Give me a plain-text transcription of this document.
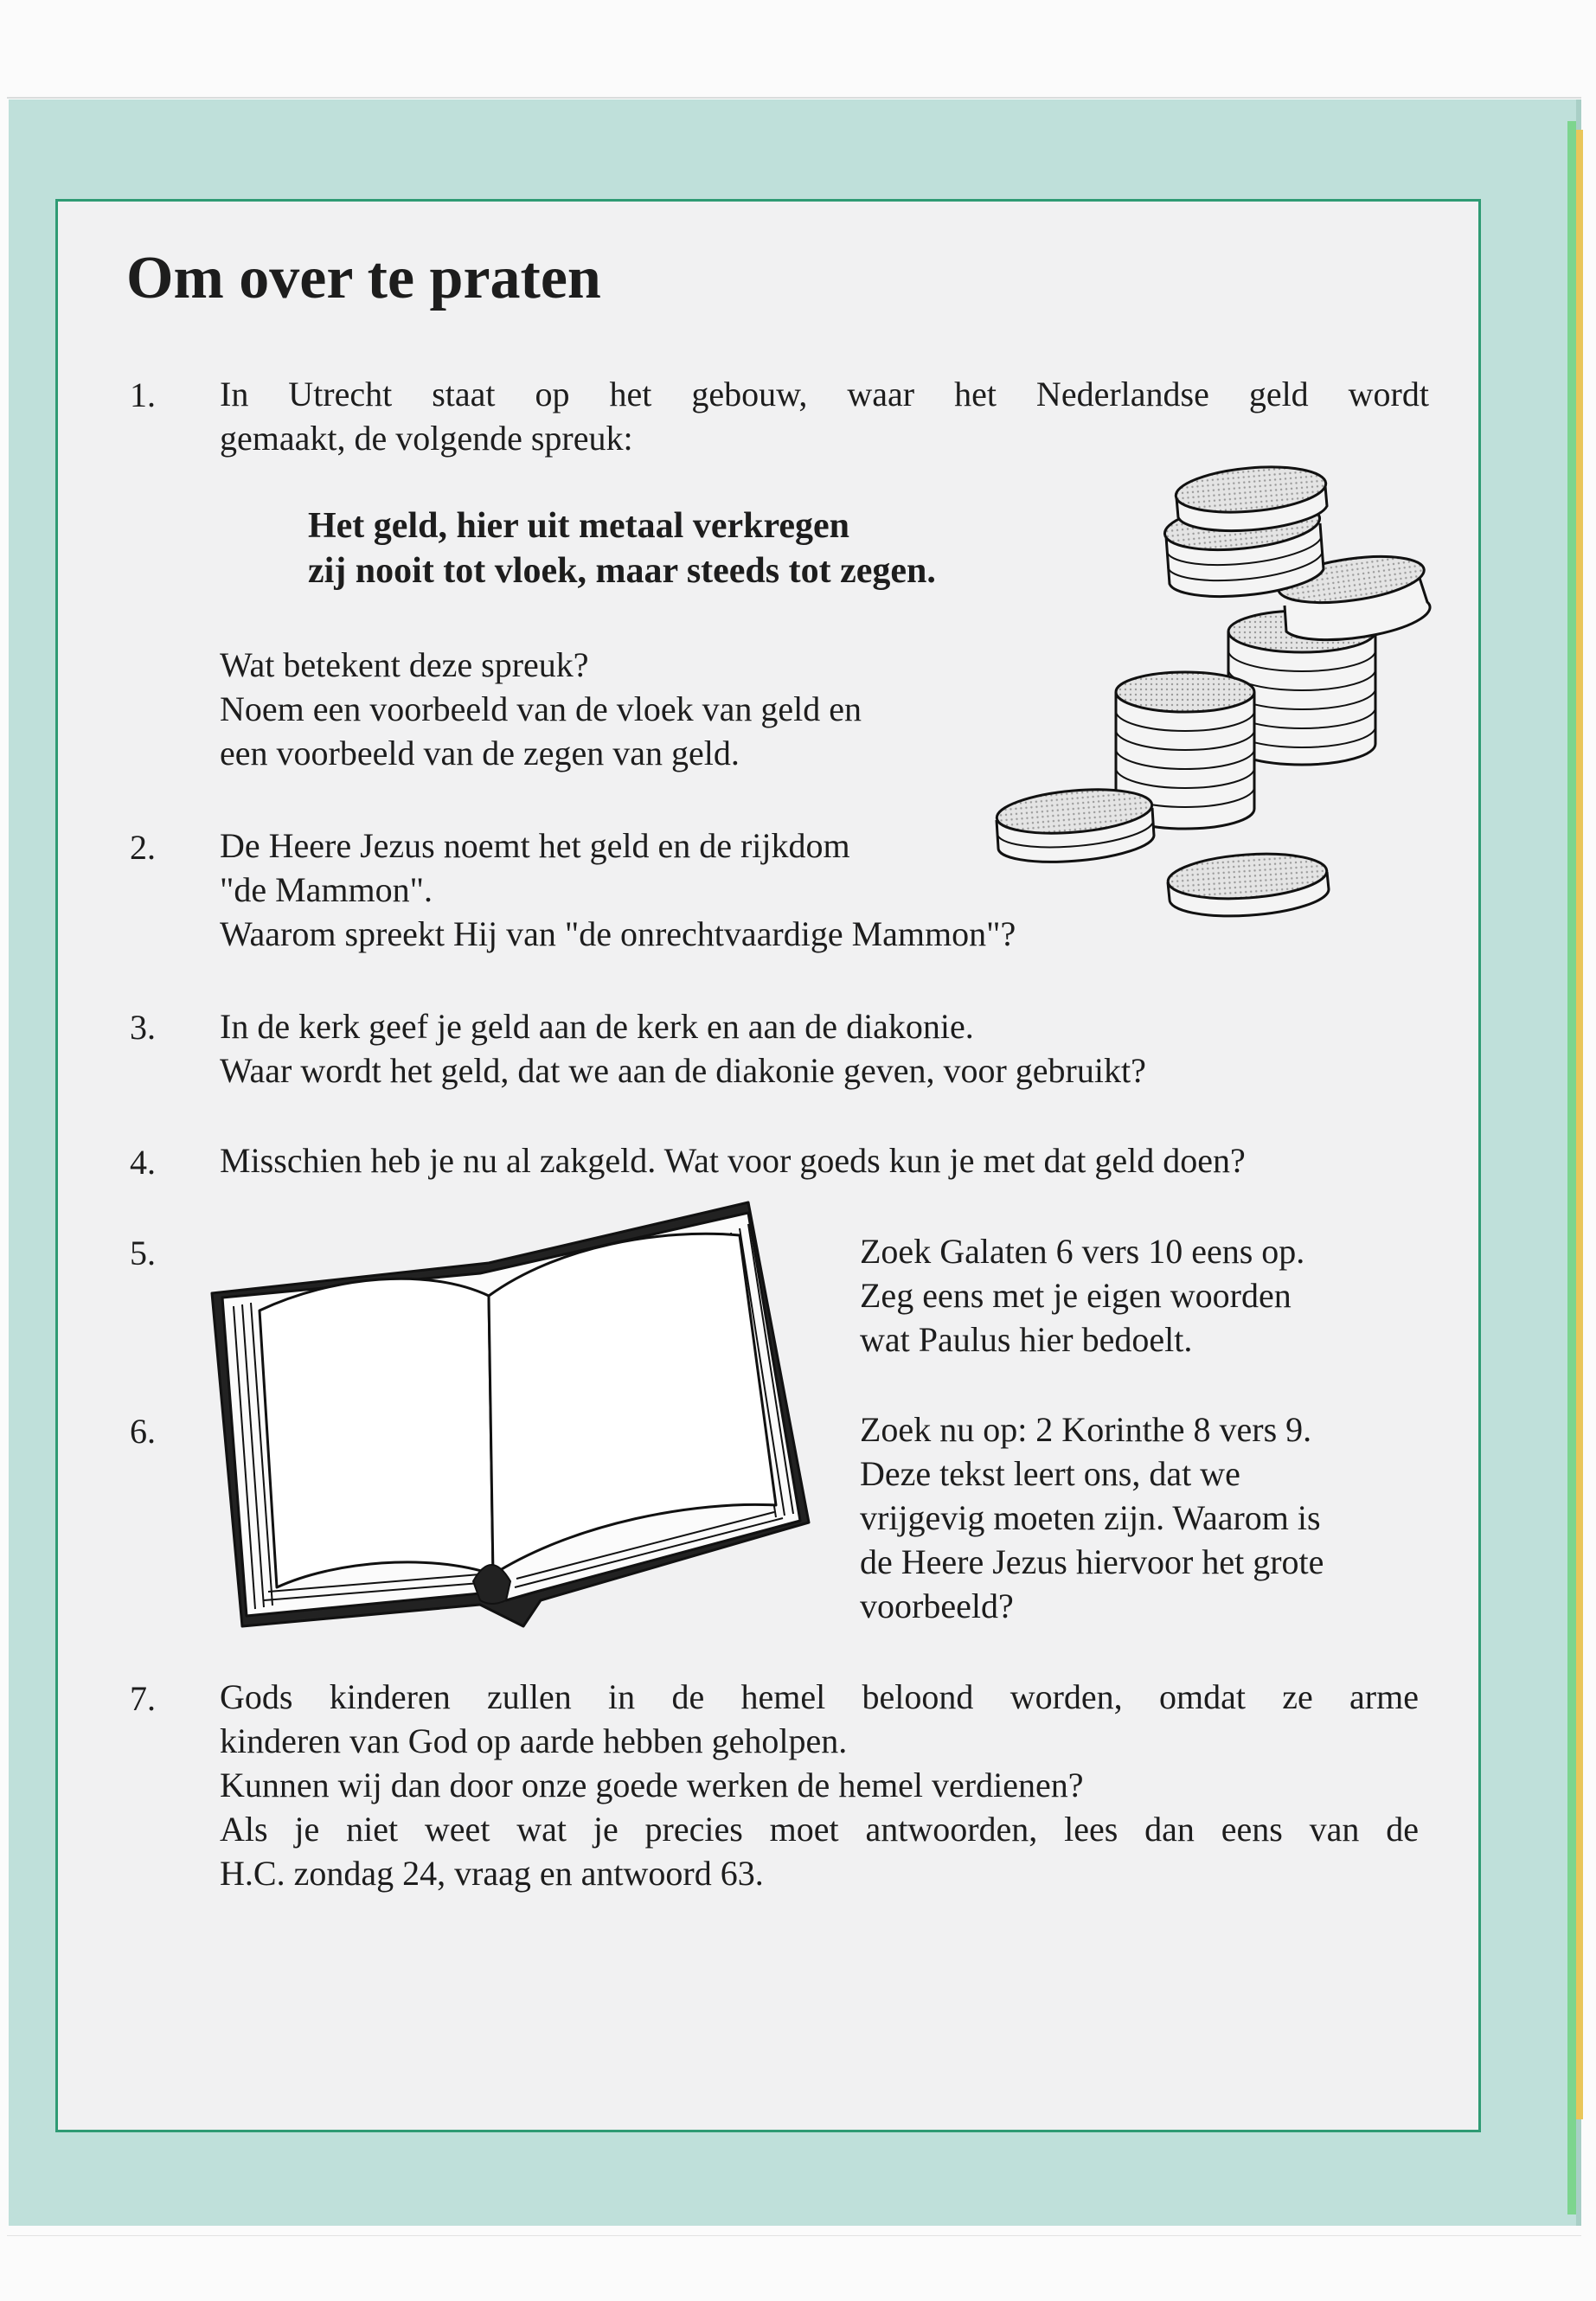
Om over te praten
1. In Utrecht staat op het gebouw, waar het Nederlandse geld wordt
gemaakt, de volgende spreuk:
Het geld, hier uit metaal verkregen
zij nooit tot vloek, maar steeds tot zegen.
Wat betekent deze spreuk?
Noem een voorbeeld van de vloek van geld en
een voorbeeld van de zegen van geld.
2. De Heere Jezus noemt het geld en de rijkdom
"de Mammon".
Waarom spreekt Hij van "de onrechtvaardige Mammon"?
3. In de kerk geef je geld aan de kerk en aan de diakonie.
Waar wordt het geld, dat we aan de diakonie geven, voor gebruikt?
4. Misschien heb je nu al zakgeld. Wat voor goeds kun je met dat geld doen?
5.	Zoek Galaten 6 vers 10 eens op.
Zeg eens met je eigen woorden
wat Paulus hier bedoelt.
6.	Zoek nu op: 2 Korinthe 8 vers 9.
Deze tekst leert ons, dat we
vrijgevig moeten zijn. Waarom is
de Heere Jezus hiervoor het grote
voorbeeld?
7. Gods kinderen zullen in de hemel beloond worden, omdat ze arme
kinderen van God op aarde hebben geholpen.
Kunnen wij dan door onze goede werken de hemel verdienen?
Als je niet weet wat je precies moet antwoorden, lees dan eens van de
H.C. zondag 24, vraag en antwoord 63.
